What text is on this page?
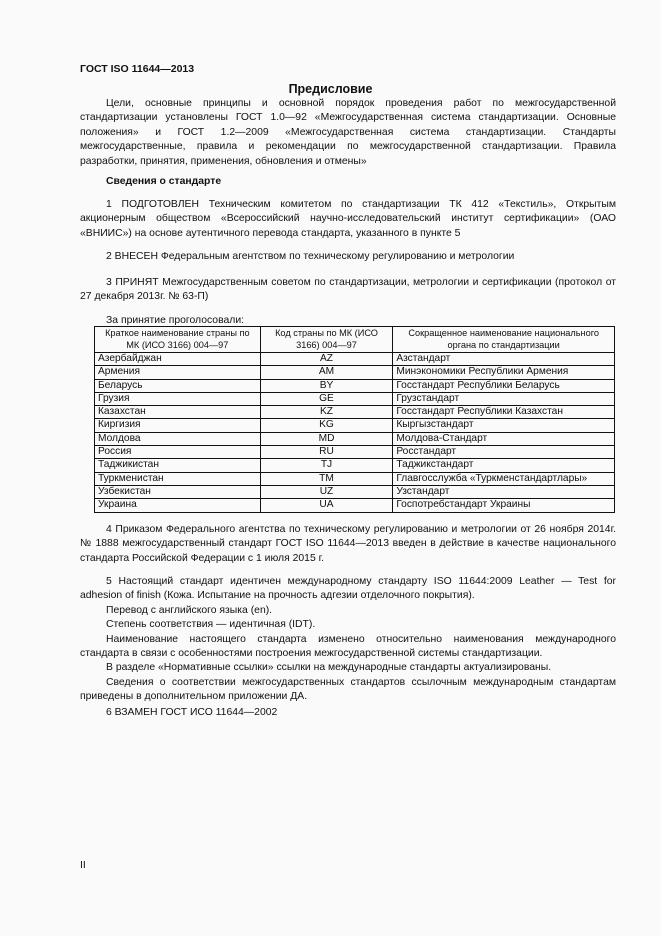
ГОСТ ISO 11644—2013
Предисловие

Цели, основные принципы и основной порядок проведения работ по межгосударственной стандартизации установлены ГОСТ 1.0—92 «Межгосударственная система стандартизации. Основные положения» и ГОСТ 1.2—2009 «Межгосударственная система стандартизации. Стандарты межгосударственные, правила и рекомендации по межгосударственной стандартизации. Правила разработки, принятия, применения, обновления и отмены»

Сведения о стандарте

1 ПОДГОТОВЛЕН Техническим комитетом по стандартизации ТК 412 «Текстиль», Открытым акционерным обществом «Всероссийский научно-исследовательский институт сертификации» (ОАО «ВНИИС») на основе аутентичного перевода стандарта, указанного в пункте 5

2 ВНЕСЕН Федеральным агентством по техническому регулированию и метрологии

3 ПРИНЯТ Межгосударственным советом по стандартизации, метрологии и сертификации (протокол от 27 декабря 2013г. № 63-П)

За принятие проголосовали:
Краткое наименование страны по МК (ИСО 3166) 004—97	Код страны по МК (ИСО 3166) 004—97	Сокращенное наименование национального органа по стандартизации
Азербайджан	AZ	Азстандарт
Армения	AM	Минэкономики Республики Армения
Беларусь	BY	Госстандарт Республики Беларусь
Грузия	GE	Грузстандарт
Казахстан	KZ	Госстандарт Республики Казахстан
Киргизия	KG	Кыргызстандарт
Молдова	MD	Молдова-Стандарт
Россия	RU	Росстандарт
Таджикистан	TJ	Таджикстандарт
Туркменистан	TM	Главгосслужба «Туркменстандартлары»
Узбекистан	UZ	Узстандарт
Украина	UA	Госпотребстандарт Украины

4 Приказом Федерального агентства по техническому регулированию и метрологии от 26 ноября 2014г. № 1888 межгосударственный стандарт ГОСТ ISO 11644—2013 введен в действие в качестве национального стандарта Российской Федерации с 1 июля 2015 г.

5 Настоящий стандарт идентичен международному стандарту ISO 11644:2009 Leather — Test for adhesion of finish (Кожа. Испытание на прочность адгезии отделочного покрытия).

Перевод с английского языка (en).

Степень соответствия — идентичная (IDT).

Наименование настоящего стандарта изменено относительно наименования международного стандарта в связи с особенностями построения межгосударственной системы стандартизации.

В разделе «Нормативные ссылки» ссылки на международные стандарты актуализированы.

Сведения о соответствии межгосударственных стандартов ссылочным международным стандартам приведены в дополнительном приложении ДА.

6 ВЗАМЕН ГОСТ ИСО 11644—2002

II
